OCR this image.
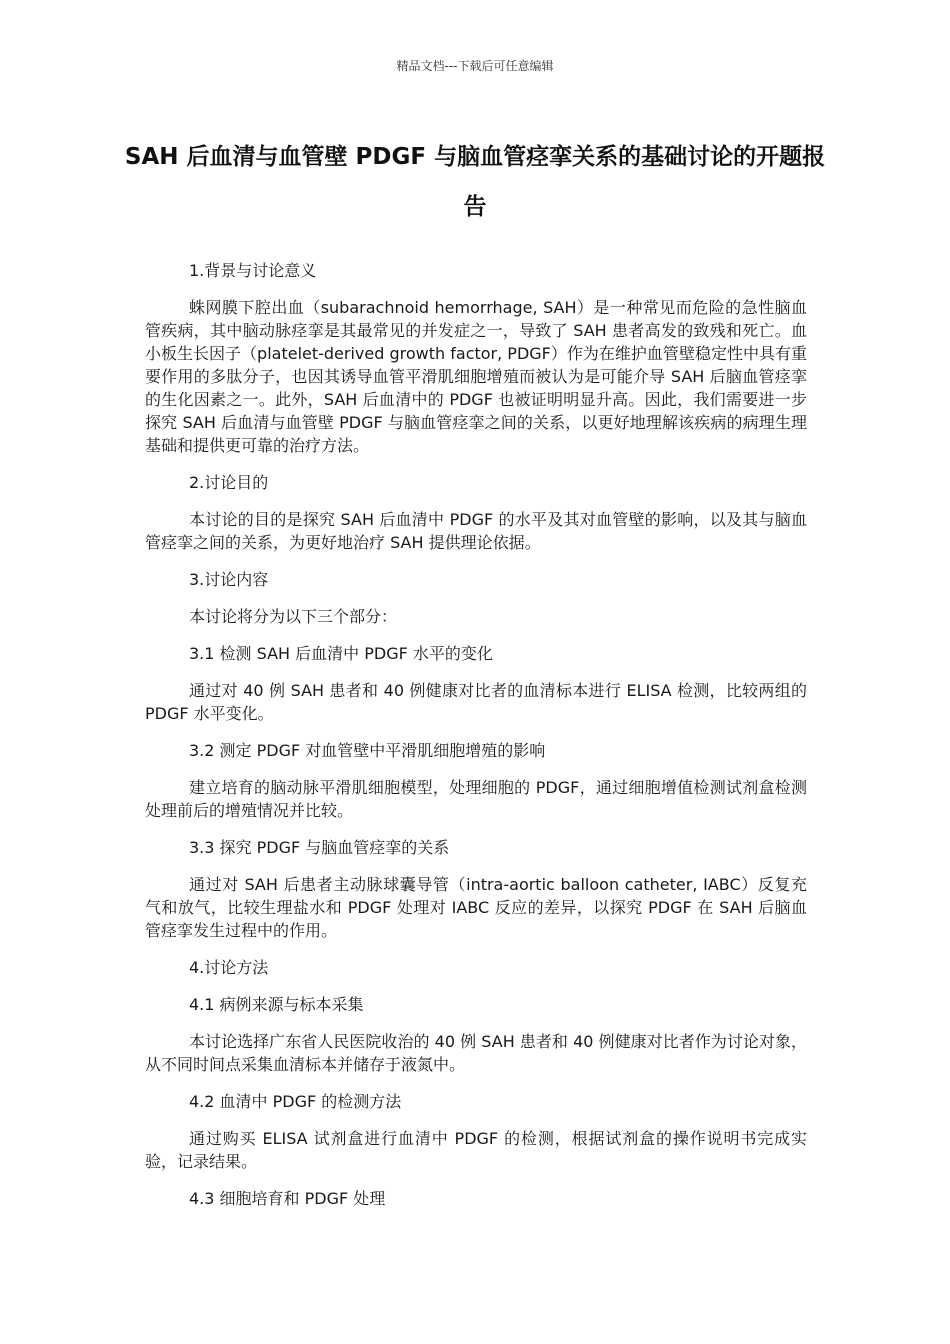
精品文档---下载后可任意编辑
SAH 后血清与血管壁 PDGF 与脑血管痉挛关系的基础讨论的开题报告

1.背景与讨论意义

蛛网膜下腔出血（subarachnoid hemorrhage, SAH）是一种常见而危险的急性脑血管疾病，其中脑动脉痉挛是其最常见的并发症之一，导致了 SAH 患者高发的致残和死亡。血小板生长因子（platelet-derived growth factor, PDGF）作为在维护血管壁稳定性中具有重要作用的多肽分子，也因其诱导血管平滑肌细胞增殖而被认为是可能介导 SAH 后脑血管痉挛的生化因素之一。此外，SAH 后血清中的 PDGF 也被证明明显升高。因此，我们需要进一步探究 SAH 后血清与血管壁 PDGF 与脑血管痉挛之间的关系，以更好地理解该疾病的病理生理基础和提供更可靠的治疗方法。

2.讨论目的

本讨论的目的是探究 SAH 后血清中 PDGF 的水平及其对血管壁的影响，以及其与脑血管痉挛之间的关系，为更好地治疗 SAH 提供理论依据。

3.讨论内容

本讨论将分为以下三个部分：

3.1 检测 SAH 后血清中 PDGF 水平的变化

通过对 40 例 SAH 患者和 40 例健康对比者的血清标本进行 ELISA 检测，比较两组的 PDGF 水平变化。

3.2 测定 PDGF 对血管壁中平滑肌细胞增殖的影响

建立培育的脑动脉平滑肌细胞模型，处理细胞的 PDGF，通过细胞增值检测试剂盒检测处理前后的增殖情况并比较。

3.3 探究 PDGF 与脑血管痉挛的关系

通过对 SAH 后患者主动脉球囊导管（intra-aortic balloon catheter, IABC）反复充气和放气，比较生理盐水和 PDGF 处理对 IABC 反应的差异，以探究 PDGF 在 SAH 后脑血管痉挛发生过程中的作用。

4.讨论方法

4.1 病例来源与标本采集

本讨论选择广东省人民医院收治的 40 例 SAH 患者和 40 例健康对比者作为讨论对象，从不同时间点采集血清标本并储存于液氮中。

4.2 血清中 PDGF 的检测方法

通过购买 ELISA 试剂盒进行血清中 PDGF 的检测，根据试剂盒的操作说明书完成实验，记录结果。

4.3 细胞培育和 PDGF 处理
